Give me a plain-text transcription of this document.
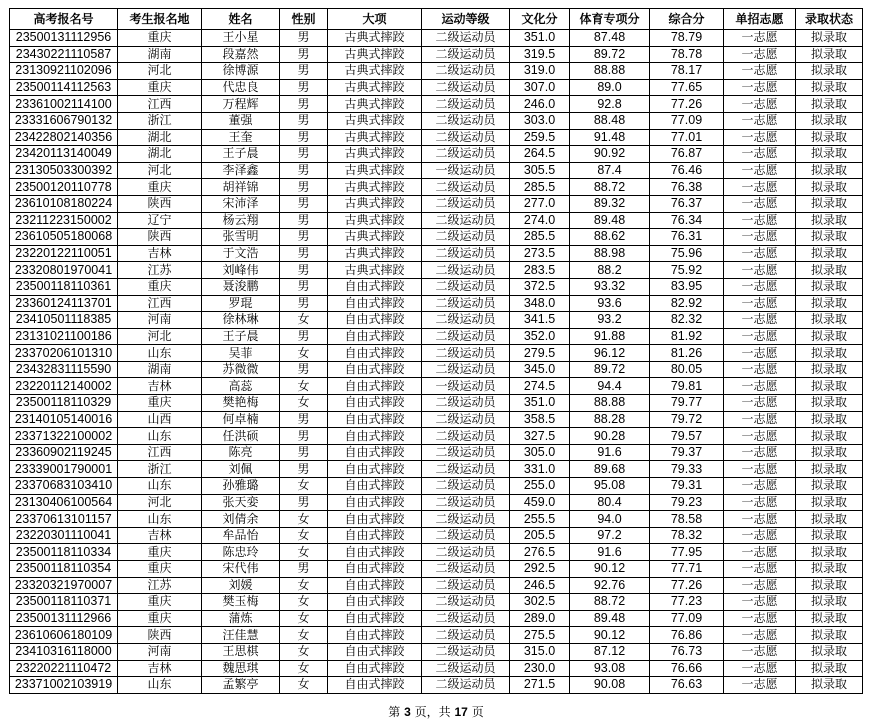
高考报名号	考生报名地	姓名	性别	大项	运动等级	文化分	体育专项分	综合分	单招志愿	录取状态
23500131112956	重庆	王小星	男	古典式摔跤	二级运动员	351.0	87.48	78.79	一志愿	拟录取
23430221110587	湖南	段嘉然	男	古典式摔跤	二级运动员	319.5	89.72	78.78	一志愿	拟录取
23130921102096	河北	徐博源	男	古典式摔跤	二级运动员	319.0	88.88	78.17	一志愿	拟录取
23500114112563	重庆	代忠良	男	古典式摔跤	二级运动员	307.0	89.0	77.65	一志愿	拟录取
23361002114100	江西	万程辉	男	古典式摔跤	二级运动员	246.0	92.8	77.26	一志愿	拟录取
23331606790132	浙江	董强	男	古典式摔跤	二级运动员	303.0	88.48	77.09	一志愿	拟录取
23422802140356	湖北	王奎	男	古典式摔跤	二级运动员	259.5	91.48	77.01	一志愿	拟录取
23420113140049	湖北	王子晨	男	古典式摔跤	二级运动员	264.5	90.92	76.87	一志愿	拟录取
23130503300392	河北	李泽鑫	男	古典式摔跤	一级运动员	305.5	87.4	76.46	一志愿	拟录取
23500120110778	重庆	胡祥锦	男	古典式摔跤	二级运动员	285.5	88.72	76.38	一志愿	拟录取
23610108180224	陕西	宋沛泽	男	古典式摔跤	二级运动员	277.0	89.32	76.37	一志愿	拟录取
23211223150002	辽宁	杨云翔	男	古典式摔跤	二级运动员	274.0	89.48	76.34	一志愿	拟录取
23610505180068	陕西	张雪明	男	古典式摔跤	二级运动员	285.5	88.62	76.31	一志愿	拟录取
23220122110051	吉林	于文浩	男	古典式摔跤	二级运动员	273.5	88.98	75.96	一志愿	拟录取
23320801970041	江苏	刘峰伟	男	古典式摔跤	二级运动员	283.5	88.2	75.92	一志愿	拟录取
23500118110361	重庆	聂浚鹏	男	自由式摔跤	二级运动员	372.5	93.32	83.95	一志愿	拟录取
23360124113701	江西	罗琨	男	自由式摔跤	二级运动员	348.0	93.6	82.92	一志愿	拟录取
23410501118385	河南	徐林琳	女	自由式摔跤	二级运动员	341.5	93.2	82.32	一志愿	拟录取
23131021100186	河北	王子晨	男	自由式摔跤	二级运动员	352.0	91.88	81.92	一志愿	拟录取
23370206101310	山东	吴菲	女	自由式摔跤	二级运动员	279.5	96.12	81.26	一志愿	拟录取
23432831115590	湖南	苏微微	男	自由式摔跤	二级运动员	345.0	89.72	80.05	一志愿	拟录取
23220112140002	吉林	高蕊	女	自由式摔跤	一级运动员	274.5	94.4	79.81	一志愿	拟录取
23500118110329	重庆	樊艳梅	女	自由式摔跤	二级运动员	351.0	88.88	79.77	一志愿	拟录取
23140105140016	山西	何卓楠	男	自由式摔跤	二级运动员	358.5	88.28	79.72	一志愿	拟录取
23371322100002	山东	任洪硕	男	自由式摔跤	二级运动员	327.5	90.28	79.57	一志愿	拟录取
23360902119245	江西	陈亮	男	自由式摔跤	二级运动员	305.0	91.6	79.37	一志愿	拟录取
23339001790001	浙江	刘佩	男	自由式摔跤	二级运动员	331.0	89.68	79.33	一志愿	拟录取
23370683103410	山东	孙雅璐	女	自由式摔跤	二级运动员	255.0	95.08	79.31	一志愿	拟录取
23130406100564	河北	张天娈	男	自由式摔跤	二级运动员	459.0	80.4	79.23	一志愿	拟录取
23370613101157	山东	刘倩余	女	自由式摔跤	二级运动员	255.5	94.0	78.58	一志愿	拟录取
23220301110041	吉林	牟品怡	女	自由式摔跤	二级运动员	205.5	97.2	78.32	一志愿	拟录取
23500118110334	重庆	陈忠玲	女	自由式摔跤	二级运动员	276.5	91.6	77.95	一志愿	拟录取
23500118110354	重庆	宋代伟	男	自由式摔跤	二级运动员	292.5	90.12	77.71	一志愿	拟录取
23320321970007	江苏	刘媛	女	自由式摔跤	二级运动员	246.5	92.76	77.26	一志愿	拟录取
23500118110371	重庆	樊玉梅	女	自由式摔跤	二级运动员	302.5	88.72	77.23	一志愿	拟录取
23500131112966	重庆	蒲炼	女	自由式摔跤	二级运动员	289.0	89.48	77.09	一志愿	拟录取
23610606180109	陕西	汪佳慧	女	自由式摔跤	二级运动员	275.5	90.12	76.86	一志愿	拟录取
23410316118000	河南	王思棋	女	自由式摔跤	二级运动员	315.0	87.12	76.73	一志愿	拟录取
23220221110472	吉林	魏思琪	女	自由式摔跤	二级运动员	230.0	93.08	76.66	一志愿	拟录取
23371002103919	山东	孟繁亭	女	自由式摔跤	二级运动员	271.5	90.08	76.63	一志愿	拟录取
第 3 页，共 17 页
